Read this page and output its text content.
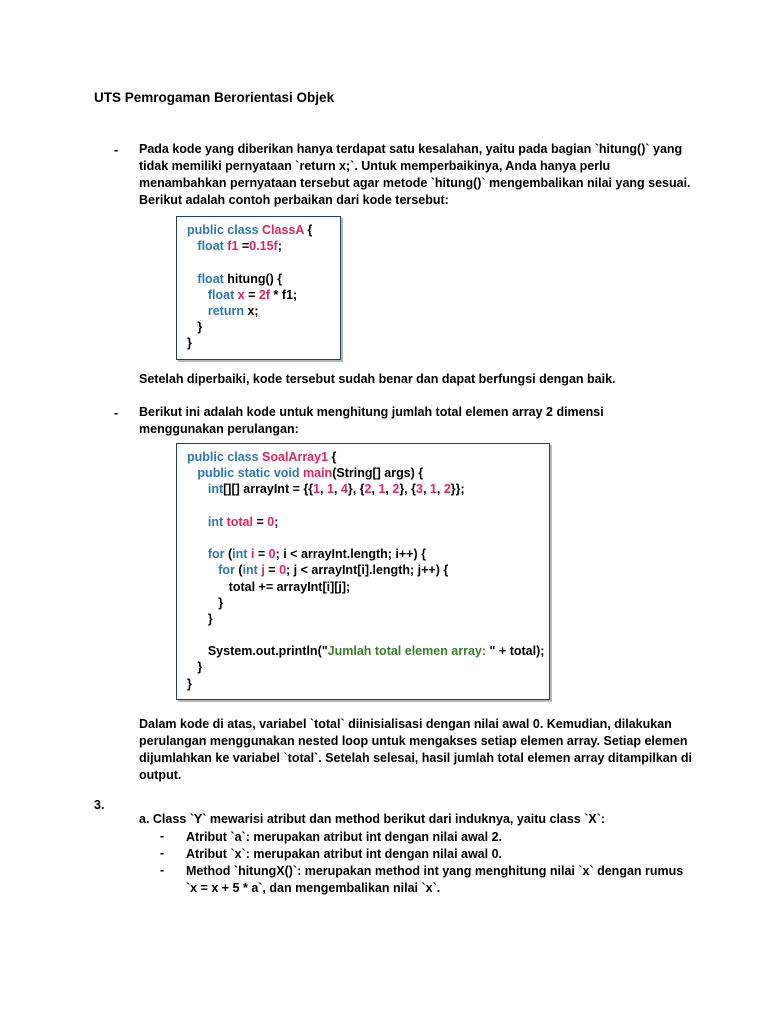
UTS Pemrogaman Berorientasi Objek
- Pada kode yang diberikan hanya terdapat satu kesalahan, yaitu pada bagian `hitung()` yang
tidak memiliki pernyataan `return x;`. Untuk memperbaikinya, Anda hanya perlu
menambahkan pernyataan tersebut agar metode `hitung()` mengembalikan nilai yang sesuai.
Berikut adalah contoh perbaikan dari kode tersebut:
public class ClassA {
float f1 =0.15f;
float hitung() {
float x = 2f * f1;
return x;
}
}
Setelah diperbaiki, kode tersebut sudah benar dan dapat berfungsi dengan baik.
- Berikut ini adalah kode untuk menghitung jumlah total elemen array 2 dimensi
menggunakan perulangan:
public class SoalArray1 {
public static void main(String[] args) {
int[][] arrayInt = {{1, 1, 4}, {2, 1, 2}, {3, 1, 2}};
int total = 0;
for (int i = 0; i < arrayInt.length; i++) {
for (int j = 0; j < arrayInt[i].length; j++) {
total += arrayInt[i][j];
}
}
System.out.println("Jumlah total elemen array: " + total);
}
}
Dalam kode di atas, variabel `total` diinisialisasi dengan nilai awal 0. Kemudian, dilakukan
perulangan menggunakan nested loop untuk mengakses setiap elemen array. Setiap elemen
dijumlahkan ke variabel `total`. Setelah selesai, hasil jumlah total elemen array ditampilkan di
output.
3.
a. Class `Y` mewarisi atribut dan method berikut dari induknya, yaitu class `X`:
- Atribut `a`: merupakan atribut int dengan nilai awal 2.
- Atribut `x`: merupakan atribut int dengan nilai awal 0.
- Method `hitungX()`: merupakan method int yang menghitung nilai `x` dengan rumus
`x = x + 5 * a`, dan mengembalikan nilai `x`.
